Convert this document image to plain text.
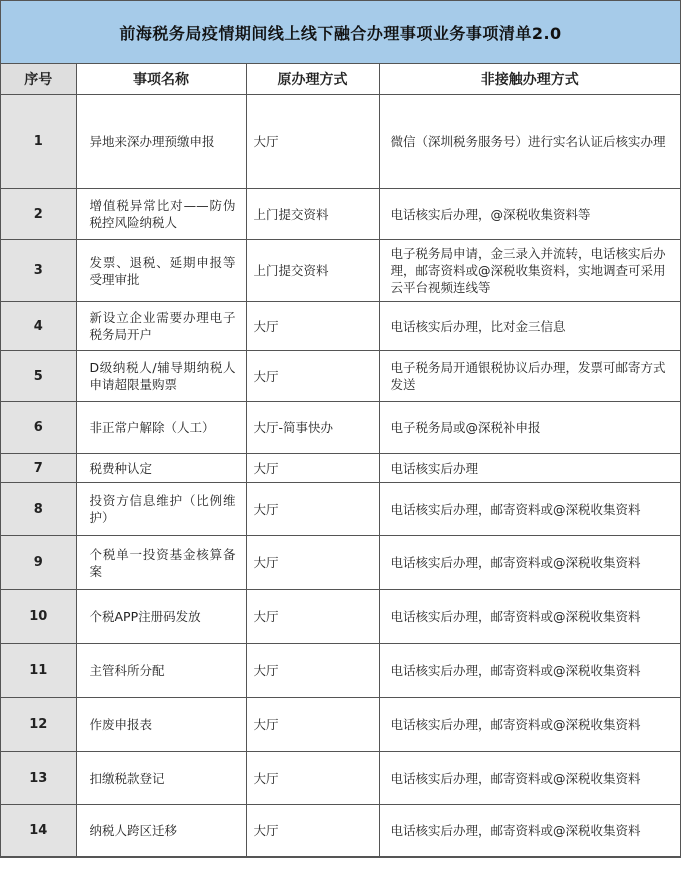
前海税务局疫情期间线上线下融合办理事项业务事项清单2.0
序号	事项名称	原办理方式	非接触办理方式
1	异地来深办理预缴申报	大厅	微信（深圳税务服务号）进行实名认证后核实办理
2	增值税异常比对——防伪税控风险纳税人	上门提交资料	电话核实后办理，@深税收集资料等
3	发票、退税、延期申报等受理审批	上门提交资料	电子税务局申请，金三录入并流转，电话核实后办理，邮寄资料或@深税收集资料，实地调查可采用云平台视频连线等
4	新设立企业需要办理电子税务局开户	大厅	电话核实后办理，比对金三信息
5	D级纳税人/辅导期纳税人申请超限量购票	大厅	电子税务局开通银税协议后办理，发票可邮寄方式发送
6	非正常户解除（人工）	大厅-简事快办	电子税务局或@深税补申报
7	税费种认定	大厅	电话核实后办理
8	投资方信息维护（比例维护）	大厅	电话核实后办理，邮寄资料或@深税收集资料
9	个税单一投资基金核算备案	大厅	电话核实后办理，邮寄资料或@深税收集资料
10	个税APP注册码发放	大厅	电话核实后办理，邮寄资料或@深税收集资料
11	主管科所分配	大厅	电话核实后办理，邮寄资料或@深税收集资料
12	作废申报表	大厅	电话核实后办理，邮寄资料或@深税收集资料
13	扣缴税款登记	大厅	电话核实后办理，邮寄资料或@深税收集资料
14	纳税人跨区迁移	大厅	电话核实后办理，邮寄资料或@深税收集资料
